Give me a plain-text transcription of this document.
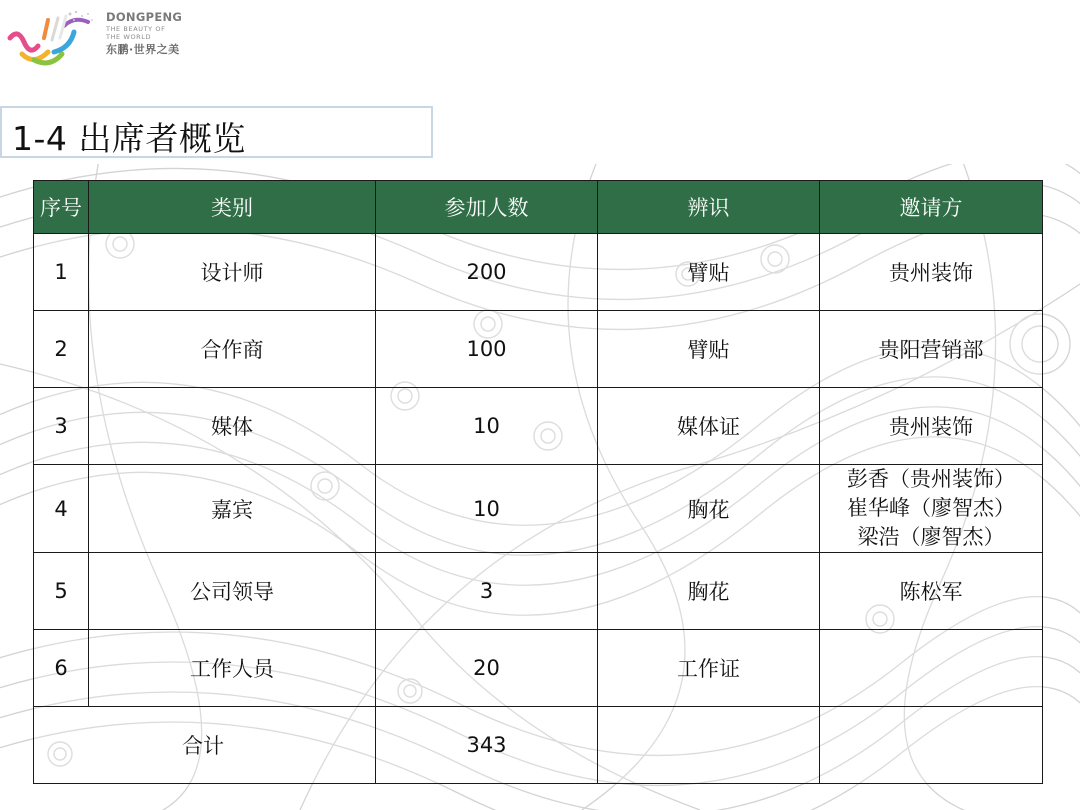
DONGPENG
THE BEAUTY OF
THE WORLD
东鹏·世界之美
1-4 出席者概览
序号	类别	参加人数	辨识	邀请方
1	设计师	200	臂贴	贵州装饰
2	合作商	100	臂贴	贵阳营销部
3	媒体	10	媒体证	贵州装饰
4	嘉宾	10	胸花	彭香（贵州装饰）
崔华峰（廖智杰）
梁浩（廖智杰）

5	公司领导	3	胸花	陈松军
6	工作人员	20	工作证	
合计		343		
